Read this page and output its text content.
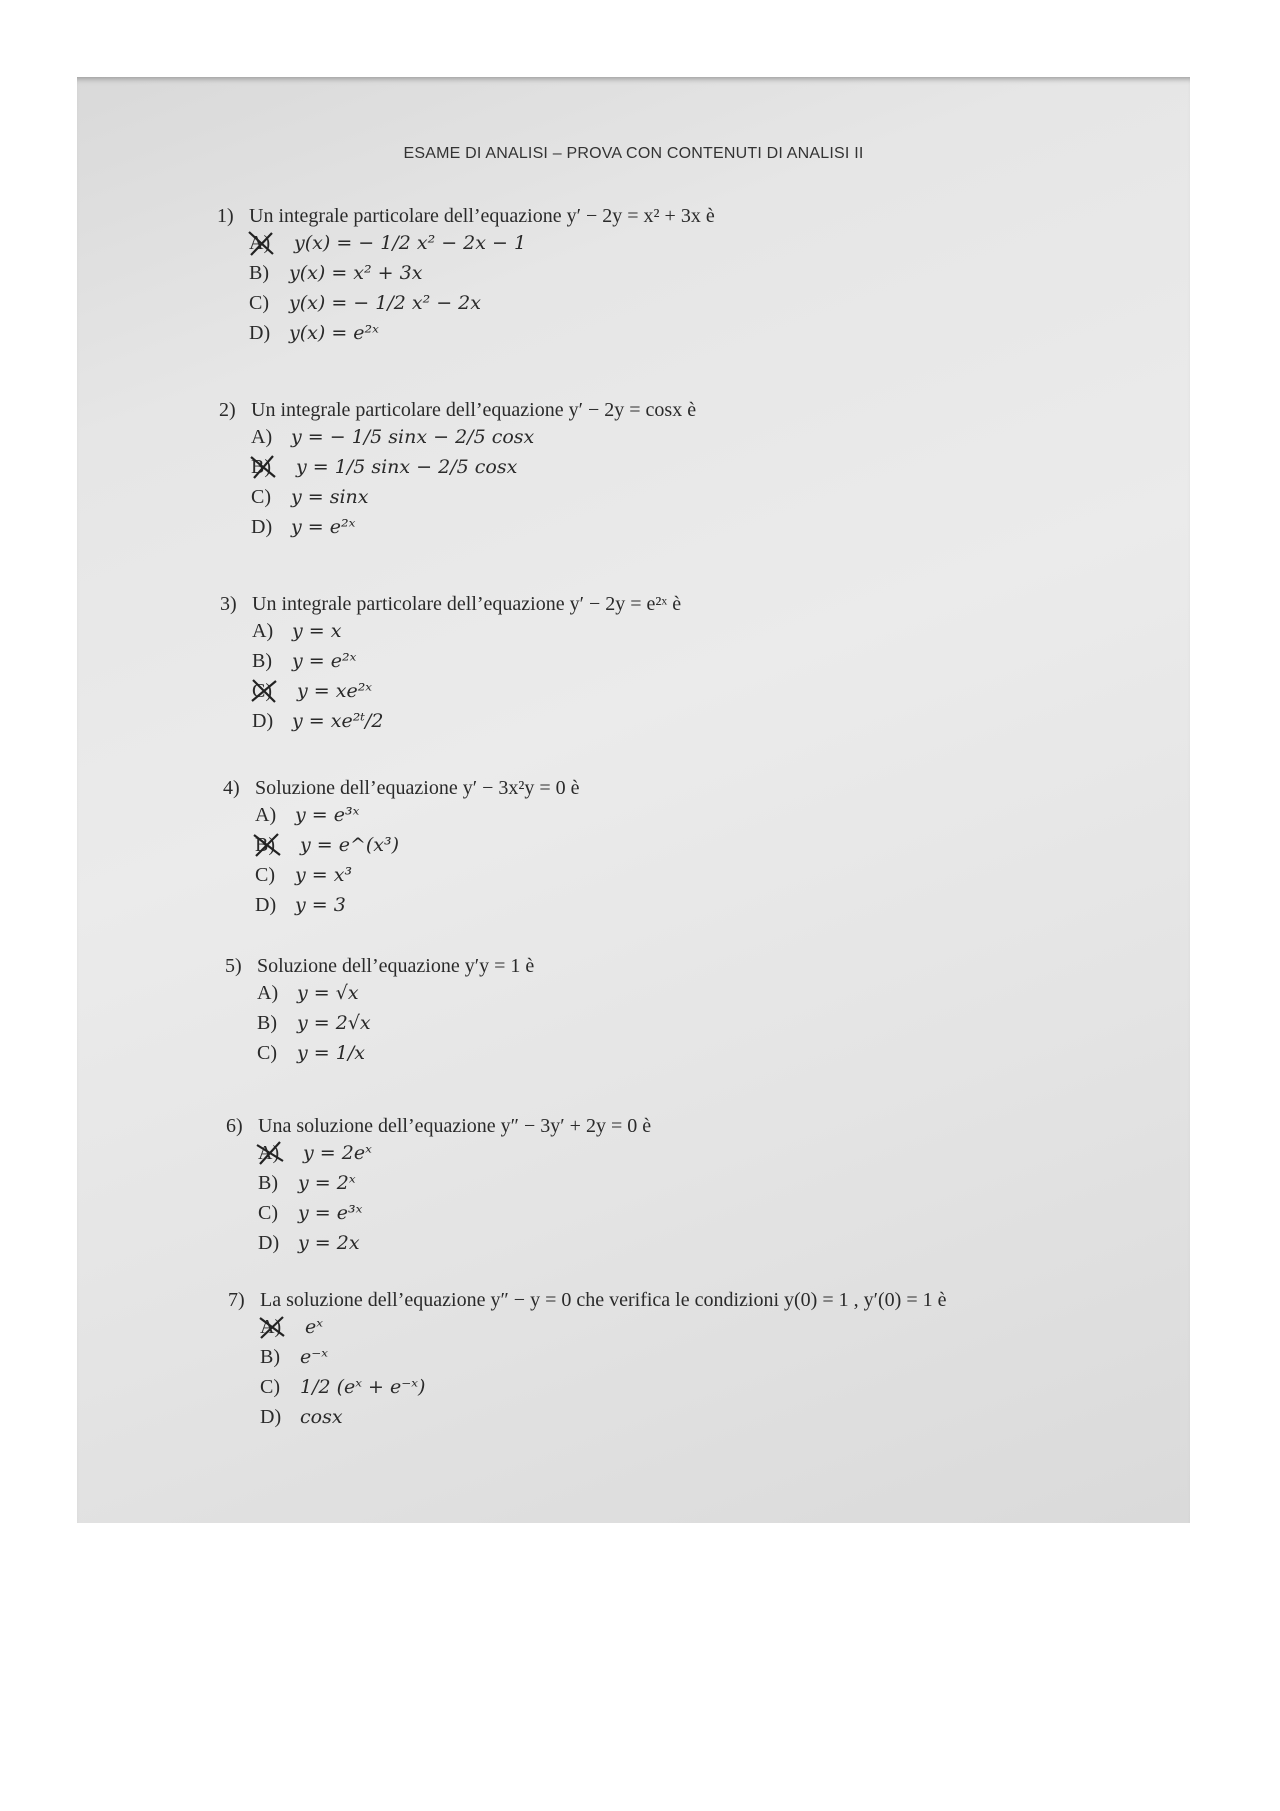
ESAME DI ANALISI – PROVA CON CONTENUTI DI ANALISI II
1) Un integrale particolare dell’equazione y′ − 2y = x² + 3x è
A) y(x) = − 1/2 x² − 2x − 1
B) y(x) = x² + 3x
C) y(x) = − 1/2 x² − 2x
D) y(x) = e²ˣ
2) Un integrale particolare dell’equazione y′ − 2y = cosx è
A) y = − 1/5 sinx − 2/5 cosx
B) y = 1/5 sinx − 2/5 cosx
C) y = sinx
D) y = e²ˣ
3) Un integrale particolare dell’equazione y′ − 2y = e²ˣ è
A) y = x
B) y = e²ˣ
C) y = xe²ˣ
D) y = xe²ᵗ/2
4) Soluzione dell’equazione y′ − 3x²y = 0 è
A) y = e³ˣ
B) y = e^(x³)
C) y = x³
D) y = 3
5) Soluzione dell’equazione y′y = 1 è
A) y = √x
B) y = 2√x
C) y = 1/x
6) Una soluzione dell’equazione y″ − 3y′ + 2y = 0 è
A) y = 2eˣ
B) y = 2ˣ
C) y = e³ˣ
D) y = 2x
7) La soluzione dell’equazione y″ − y = 0 che verifica le condizioni y(0) = 1 , y′(0) = 1 è
A) eˣ
B) e⁻ˣ
C) 1/2 (eˣ + e⁻ˣ)
D) cosx
